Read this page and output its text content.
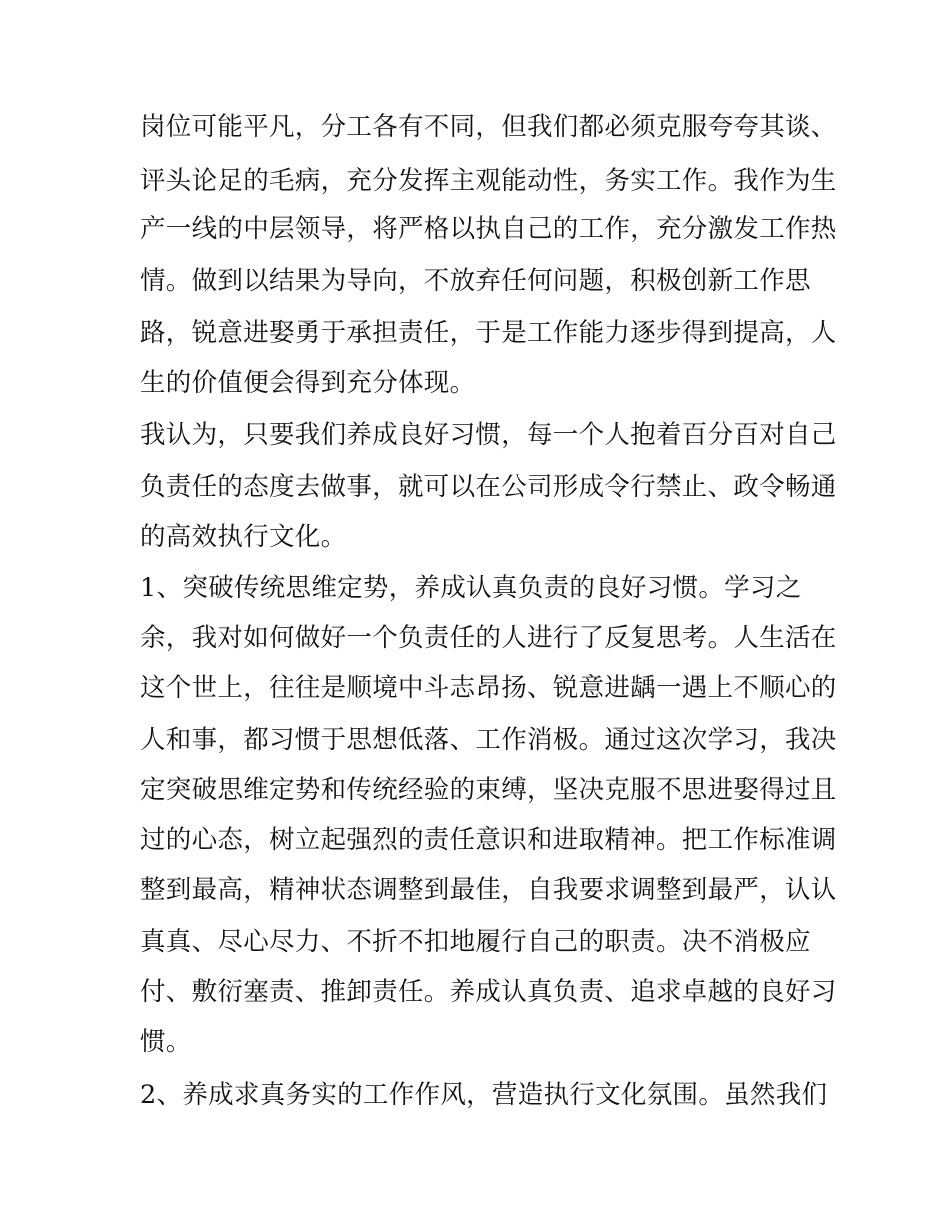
岗位可能平凡，分工各有不同，但我们都必须克服夸夸其谈、
评头论足的毛病，充分发挥主观能动性，务实工作。我作为生
产一线的中层领导，将严格以执自己的工作，充分激发工作热
情。做到以结果为导向，不放弃任何问题，积极创新工作思
路，锐意进娶勇于承担责任，于是工作能力逐步得到提高，人
生的价值便会得到充分体现。
我认为，只要我们养成良好习惯，每一个人抱着百分百对自己
负责任的态度去做事，就可以在公司形成令行禁止、政令畅通
的高效执行文化。
1、突破传统思维定势，养成认真负责的良好习惯。学习之
余，我对如何做好一个负责任的人进行了反复思考。人生活在
这个世上，往往是顺境中斗志昂扬、锐意进龋一遇上不顺心的
人和事，都习惯于思想低落、工作消极。通过这次学习，我决
定突破思维定势和传统经验的束缚，坚决克服不思进娶得过且
过的心态，树立起强烈的责任意识和进取精神。把工作标准调
整到最高，精神状态调整到最佳，自我要求调整到最严，认认
真真、尽心尽力、不折不扣地履行自己的职责。决不消极应
付、敷衍塞责、推卸责任。养成认真负责、追求卓越的良好习
惯。
2、养成求真务实的工作作风，营造执行文化氛围。虽然我们
